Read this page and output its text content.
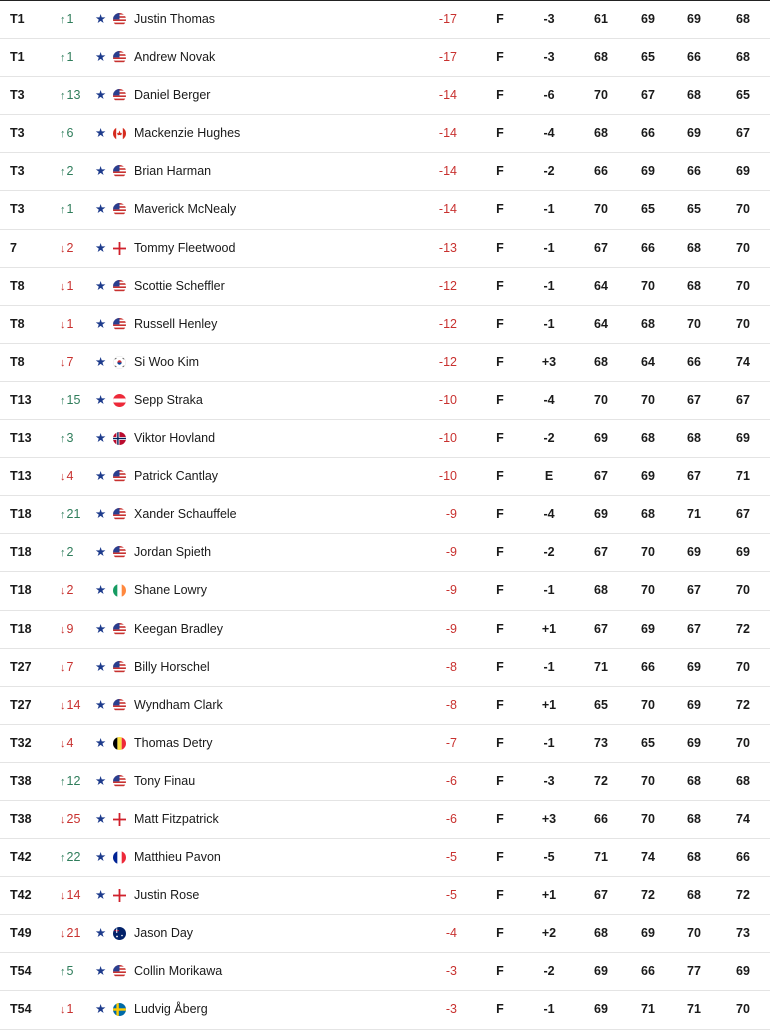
T1	↑1	★ Justin Thomas	-17	F	-3	61	69	69	68
T1	↑1	★ Andrew Novak	-17	F	-3	68	65	66	68
T3	↑13	★ Daniel Berger	-14	F	-6	70	67	68	65
T3	↑6	★ Mackenzie Hughes	-14	F	-4	68	66	69	67
T3	↑2	★ Brian Harman	-14	F	-2	66	69	66	69
T3	↑1	★ Maverick McNealy	-14	F	-1	70	65	65	70
7	↓2	★ Tommy Fleetwood	-13	F	-1	67	66	68	70
T8	↓1	★ Scottie Scheffler	-12	F	-1	64	70	68	70
T8	↓1	★ Russell Henley	-12	F	-1	64	68	70	70
T8	↓7	★ Si Woo Kim	-12	F	+3	68	64	66	74
T13	↑15	★ Sepp Straka	-10	F	-4	70	70	67	67
T13	↑3	★ Viktor Hovland	-10	F	-2	69	68	68	69
T13	↓4	★ Patrick Cantlay	-10	F	E	67	69	67	71
T18	↑21	★ Xander Schauffele	-9	F	-4	69	68	71	67
T18	↑2	★ Jordan Spieth	-9	F	-2	67	70	69	69
T18	↓2	★ Shane Lowry	-9	F	-1	68	70	67	70
T18	↓9	★ Keegan Bradley	-9	F	+1	67	69	67	72
T27	↓7	★ Billy Horschel	-8	F	-1	71	66	69	70
T27	↓14	★ Wyndham Clark	-8	F	+1	65	70	69	72
T32	↓4	★ Thomas Detry	-7	F	-1	73	65	69	70
T38	↑12	★ Tony Finau	-6	F	-3	72	70	68	68
T38	↓25	★ Matt Fitzpatrick	-6	F	+3	66	70	68	74
T42	↑22	★ Matthieu Pavon	-5	F	-5	71	74	68	66
T42	↓14	★ Justin Rose	-5	F	+1	67	72	68	72
T49	↓21	★ Jason Day	-4	F	+2	68	69	70	73
T54	↑5	★ Collin Morikawa	-3	F	-2	69	66	77	69
T54	↓1	★ Ludvig Åberg	-3	F	-1	69	71	71	70
